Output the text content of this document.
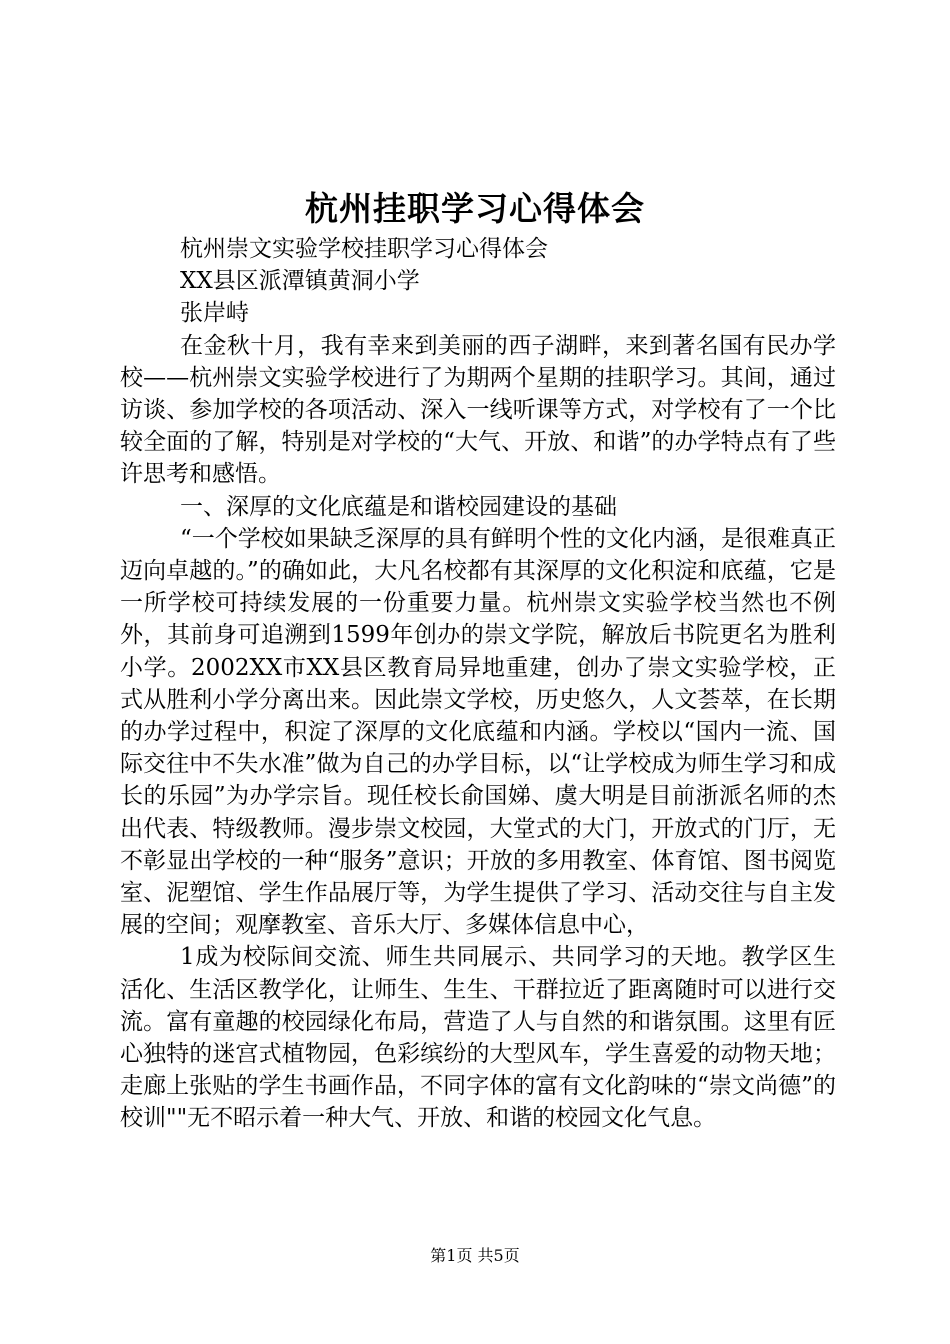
杭州挂职学习心得体会

杭州崇文实验学校挂职学习心得体会

XX县区派潭镇黄洞小学

张岸峙

在金秋十月，我有幸来到美丽的西子湖畔，来到著名国有民办学校——杭州崇文实验学校进行了为期两个星期的挂职学习。其间，通过访谈、参加学校的各项活动、深入一线听课等方式，对学校有了一个比较全面的了解，特别是对学校的“大气、开放、和谐”的办学特点有了些许思考和感悟。

一、深厚的文化底蕴是和谐校园建设的基础

“一个学校如果缺乏深厚的具有鲜明个性的文化内涵，是很难真正迈向卓越的。”的确如此，大凡名校都有其深厚的文化积淀和底蕴，它是一所学校可持续发展的一份重要力量。杭州崇文实验学校当然也不例外，其前身可追溯到1599年创办的崇文学院，解放后书院更名为胜利小学。2002XX市XX县区教育局异地重建，创办了崇文实验学校，正式从胜利小学分离出来。因此崇文学校，历史悠久，人文荟萃，在长期的办学过程中，积淀了深厚的文化底蕴和内涵。学校以“国内一流、国际交往中不失水准”做为自己的办学目标，以“让学校成为师生学习和成长的乐园”为办学宗旨。现任校长俞国娣、虞大明是目前浙派名师的杰出代表、特级教师。漫步崇文校园，大堂式的大门，开放式的门厅，无不彰显出学校的一种“服务”意识；开放的多用教室、体育馆、图书阅览室、泥塑馆、学生作品展厅等，为学生提供了学习、活动交往与自主发展的空间；观摩教室、音乐大厅、多媒体信息中心，

1成为校际间交流、师生共同展示、共同学习的天地。教学区生活化、生活区教学化，让师生、生生、干群拉近了距离随时可以进行交流。富有童趣的校园绿化布局，营造了人与自然的和谐氛围。这里有匠心独特的迷宫式植物园，色彩缤纷的大型风车，学生喜爱的动物天地；走廊上张贴的学生书画作品，不同字体的富有文化韵味的“崇文尚德”的校训""无不昭示着一种大气、开放、和谐的校园文化气息。

第1页 共5页
